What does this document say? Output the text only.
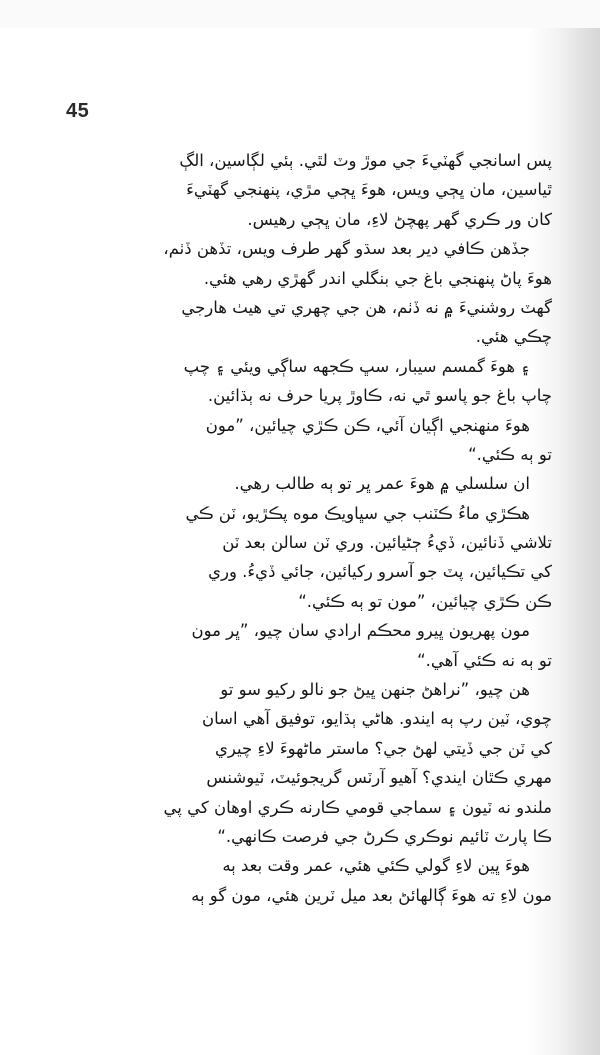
45
پس اسانجي گهٽيءَ جي موڙ وٽ لٿي. ٻئي لڳاسين، الڳ
ٿياسين، مان ڀڄي ويس، هوءَ ڀڄي مڙي، پنهنجي گهٽيءَ
کان ور ڪري گهر پهچڻ لاءِ، مان ڀڄي رهيس.
جڏهن ڪافي دير بعد سڌو گهر طرف ويس، تڏهن ڏٺم،
هوءَ پاڻ پنهنجي باغ جي بنگلي اندر گهڙي رهي هئي.
گهٽ روشنيءَ ۾ نه ڏٺم، هن جي چهري تي هيٺ هارجي
چڪي هئي.
۽ هوءَ گمسم سيبار، سڀ ڪجهه ساڳي ويئي ۽ چپ
چاپ باغ جو پاسو ٿي نه، ڪاوڙ پريا حرف نه ٻڌائين.
هوءَ منهنجي اڳيان آئي، ڪن ڪڙي چيائين، ”مون
تو ٻه ڪئي.“
ان سلسلي ۾ هوءَ عمر ڀر تو ٻه طالب رهي.
هڪڙي ماءُ ڪٽنب جي سڀاويڪ موه پڪڙيو، ٽن ڪي
تلاشي ڏنائين، ڏيءُ ڄڻيائين. وري ٽن سالن بعد ٽن
کي تڪيائين، پٽ جو آسرو رکيائين، جائي ڏيءُ. وري
ڪن ڪڙي چيائين، ”مون تو ٻه ڪئي.“
مون پهريون ڀيرو محڪم ارادي سان چيو، ”ڀر مون
تو ٻه نه ڪئي آهي.“
هن چيو، ”نراهڻ جنهن ڀيڻ جو نالو رکيو سو تو
چوي، ٽين رپ ٻه ايندو. هاڻي ٻڌايو، توفيق آهي اسان
کي ٽن جي ڏيتي لهڻ جي؟ ماستر ماڻهوءَ لاءِ چيري
مهري ڪٿان ايندي؟ آهيو آرٽس گريجوئيٽ، ٽيوشنس
ملندو نه ٽيون ۽ سماجي قومي ڪارنه ڪري اوهان کي پي
ڪا پارٽ ٽائيم نوڪري ڪرڻ جي فرصت ڪانهي.“
هوءَ ڀين لاءِ گولي ڪئي هئي، عمر وقت بعد ٻه
مون لاءِ ته هوءَ ڳالهائڻ بعد ميل ٽرين هئي، مون گو ٻه
